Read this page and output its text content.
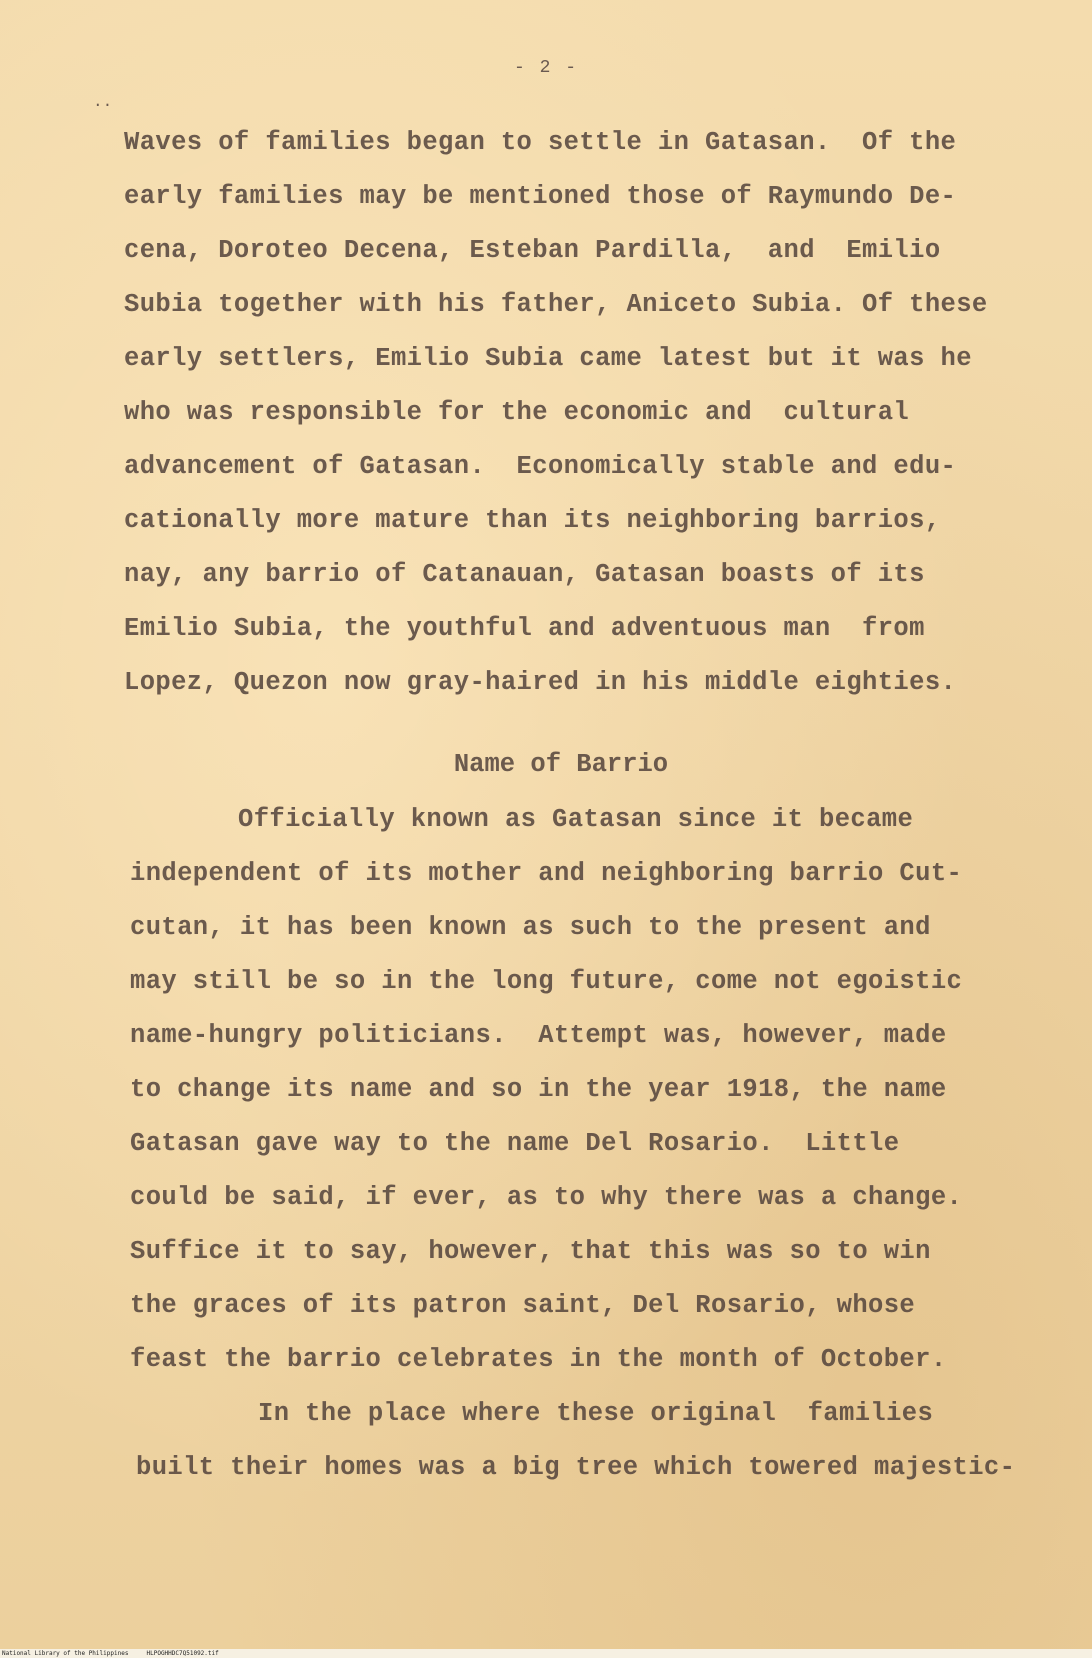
- 2 -
··
Waves of families began to settle in Gatasan.  Of the
early families may be mentioned those of Raymundo De-
cena, Doroteo Decena, Esteban Pardilla,  and  Emilio
Subia together with his father, Aniceto Subia. Of these
early settlers, Emilio Subia came latest but it was he
who was responsible for the economic and  cultural
advancement of Gatasan.  Economically stable and edu-
cationally more mature than its neighboring barrios,
nay, any barrio of Catanauan, Gatasan boasts of its
Emilio Subia, the youthful and adventuous man  from
Lopez, Quezon now gray-haired in his middle eighties.
Name of Barrio
Officially known as Gatasan since it became
independent of its mother and neighboring barrio Cut-
cutan, it has been known as such to the present and
may still be so in the long future, come not egoistic
name-hungry politicians.  Attempt was, however, made
to change its name and so in the year 1918, the name
Gatasan gave way to the name Del Rosario.  Little
could be said, if ever, as to why there was a change.
Suffice it to say, however, that this was so to win
the graces of its patron saint, Del Rosario, whose
feast the barrio celebrates in the month of October.
In the place where these original  families
built their homes was a big tree which towered majestic-
National Library of the Philippines     HLPOGHHDC7Q51092.tif
